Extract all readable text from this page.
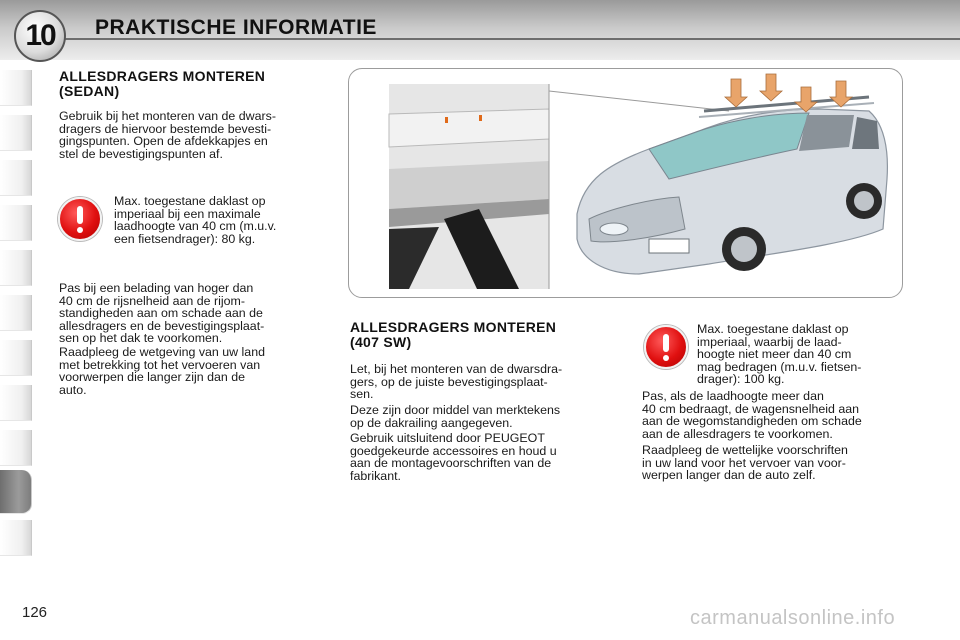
10 PRAKTISCHE INFORMATIE
ALLESDRAGERS MONTEREN
(SEDAN)
Gebruik bij het monteren van de dwars-
dragers de hiervoor bestemde bevesti-
gingspunten. Open de afdekkapjes en
stel de bevestigingspunten af.
Max. toegestane daklast op
imperiaal bij een maximale
laadhoogte van 40 cm (m.u.v.
een fietsendrager): 80 kg.
Pas bij een belading van hoger dan
40 cm de rijsnelheid aan de rijom-
standigheden aan om schade aan de
allesdragers en de bevestigingsplaat-
sen op het dak te voorkomen.
Raadpleeg de wetgeving van uw land
met betrekking tot het vervoeren van
voorwerpen die langer zijn dan de
auto.
ALLESDRAGERS MONTEREN
(407 SW)
Let, bij het monteren van de dwarsdra-
gers, op de juiste bevestigingsplaat-
sen.
Deze zijn door middel van merktekens
op de dakrailing aangegeven.
Gebruik uitsluitend door PEUGEOT
goedgekeurde accessoires en houd u
aan de montagevoorschriften van de
fabrikant.
Max. toegestane daklast op
imperiaal, waarbij de laad-
hoogte niet meer dan 40 cm
mag bedragen (m.u.v. fietsen-
drager): 100 kg.
Pas, als de laadhoogte meer dan
40 cm bedraagt, de wagensnelheid aan
aan de wegomstandigheden om schade
aan de allesdragers te voorkomen.
Raadpleeg de wettelijke voorschriften
in uw land voor het vervoer van voor-
werpen langer dan de auto zelf.
126	carmanualsonline.info
